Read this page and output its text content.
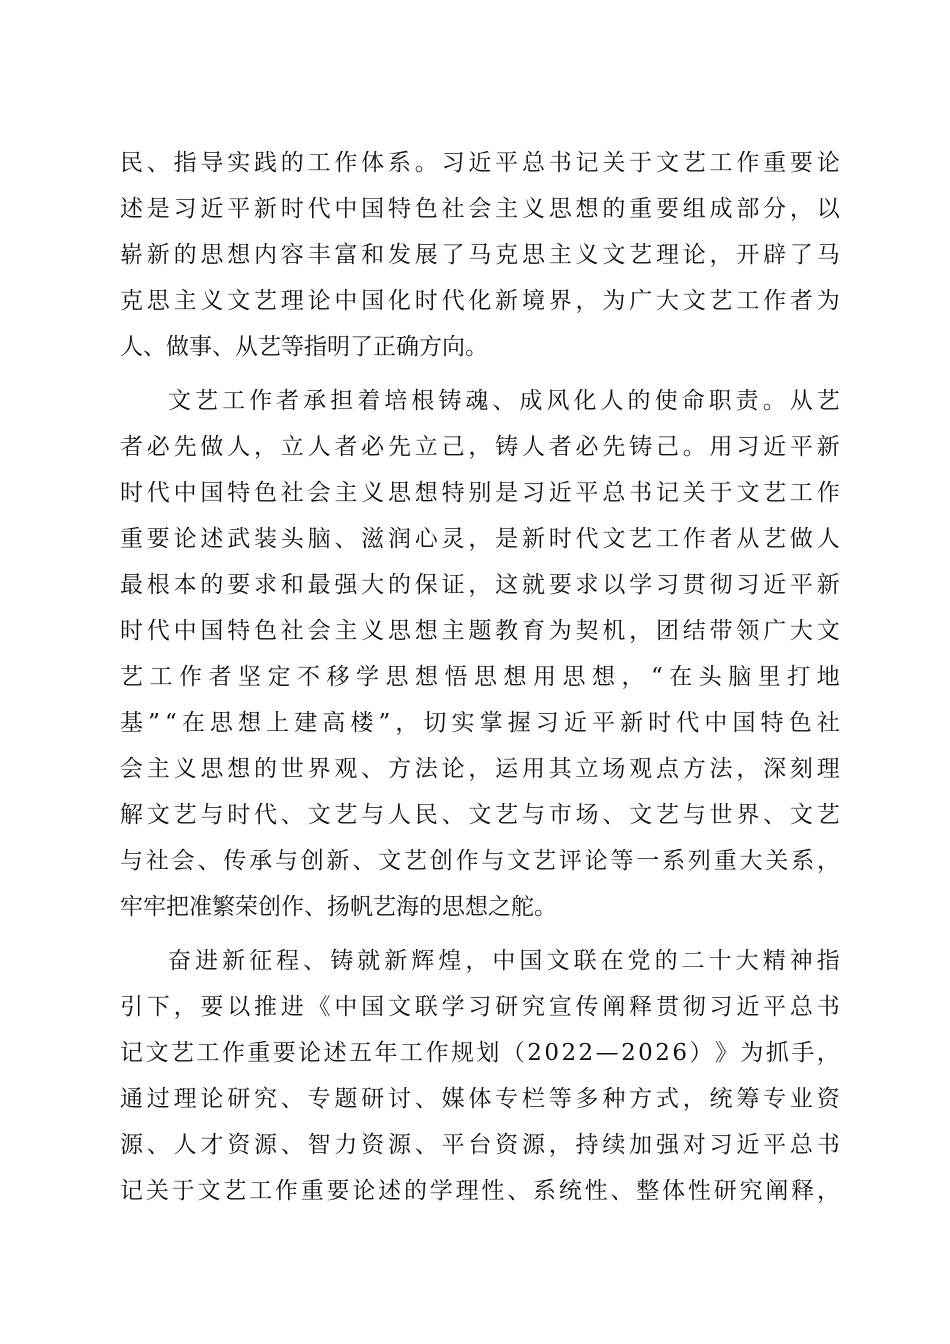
民 、 指 导 实 践 的 工 作 体 系 。 习 近 平 总 书 记 关 于 文 艺 工 作 重 要 论
述 是 习 近 平 新 时 代 中 国 特 色 社 会 主 义 思 想 的 重 要 组 成 部 分 ， 以
崭 新 的 思 想 内 容 丰 富 和 发 展 了 马 克 思 主 义 文 艺 理 论 ， 开 辟 了 马
克 思 主 义 文 艺 理 论 中 国 化 时 代 化 新 境 界 ， 为 广 大 文 艺 工 作 者 为
人、做事、从艺等指明了正确方向。
文 艺 工 作 者 承 担 着 培 根 铸 魂 、 成 风 化 人 的 使 命 职 责 。 从 艺
者 必 先 做 人 ， 立 人 者 必 先 立 己 ， 铸 人 者 必 先 铸 己 。 用 习 近 平 新
时 代 中 国 特 色 社 会 主 义 思 想 特 别 是 习 近 平 总 书 记 关 于 文 艺 工 作
重 要 论 述 武 装 头 脑 、 滋 润 心 灵 ， 是 新 时 代 文 艺 工 作 者 从 艺 做 人
最 根 本 的 要 求 和 最 强 大 的 保 证 ， 这 就 要 求 以 学 习 贯 彻 习 近 平 新
时 代 中 国 特 色 社 会 主 义 思 想 主 题 教 育 为 契 机 ， 团 结 带 领 广 大 文
艺 工 作 者 坚 定 不 移 学 思 想 悟 思 想 用 思 想 ， “ 在 头 脑 里 打 地
基 ” “ 在 思 想 上 建 高 楼 ” ， 切 实 掌 握 习 近 平 新 时 代 中 国 特 色 社
会 主 义 思 想 的 世 界 观 、 方 法 论 ， 运 用 其 立 场 观 点 方 法 ， 深 刻 理
解 文 艺 与 时 代 、 文 艺 与 人 民 、 文 艺 与 市 场 、 文 艺 与 世 界 、 文 艺
与 社 会 、 传 承 与 创 新 、 文 艺 创 作 与 文 艺 评 论 等 一 系 列 重 大 关 系 ，
牢牢把准繁荣创作、扬帆艺海的思想之舵。
奋 进 新 征 程 、 铸 就 新 辉 煌 ， 中 国 文 联 在 党 的 二 十 大 精 神 指
引 下 ， 要 以 推 进 《 中 国 文 联 学 习 研 究 宣 传 阐 释 贯 彻 习 近 平 总 书
记 文 艺 工 作 重 要 论 述 五 年 工 作 规 划 （ 2 0 2 2 — 2 0 2 6 ） 》 为 抓 手 ，
通 过 理 论 研 究 、 专 题 研 讨 、 媒 体 专 栏 等 多 种 方 式 ， 统 筹 专 业 资
源 、 人 才 资 源 、 智 力 资 源 、 平 台 资 源 ， 持 续 加 强 对 习 近 平 总 书
记 关 于 文 艺 工 作 重 要 论 述 的 学 理 性 、 系 统 性 、 整 体 性 研 究 阐 释 ，
